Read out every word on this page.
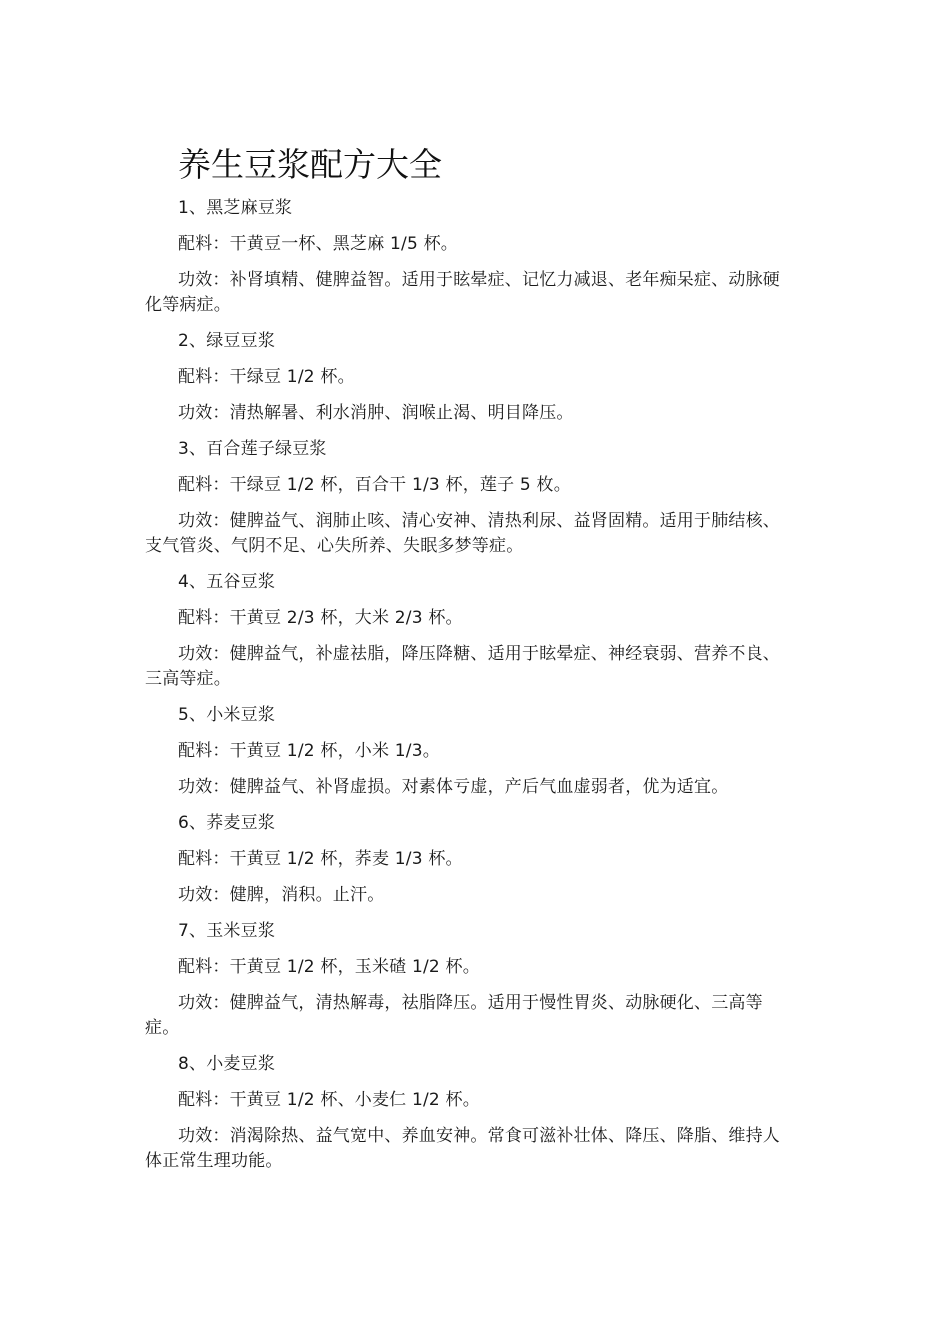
养生豆浆配方大全

1、黑芝麻豆浆

配料：干黄豆一杯、黑芝麻 1/5 杯。

功效：补肾填精、健脾益智。适用于眩晕症、记忆力减退、老年痴呆症、动脉硬化等病症。

2、绿豆豆浆

配料：干绿豆 1/2 杯。

功效：清热解暑、利水消肿、润喉止渴、明目降压。

3、百合莲子绿豆浆

配料：干绿豆 1/2 杯，百合干 1/3 杯，莲子 5 枚。

功效：健脾益气、润肺止咳、清心安神、清热利尿、益肾固精。适用于肺结核、支气管炎、气阴不足、心失所养、失眠多梦等症。

4、五谷豆浆

配料：干黄豆 2/3 杯，大米 2/3 杯。

功效：健脾益气，补虚祛脂，降压降糖、适用于眩晕症、神经衰弱、营养不良、三高等症。

5、小米豆浆

配料：干黄豆 1/2 杯，小米 1/3。

功效：健脾益气、补肾虚损。对素体亏虚，产后气血虚弱者，优为适宜。

6、荞麦豆浆

配料：干黄豆 1/2 杯，荞麦 1/3 杯。

功效：健脾，消积。止汗。

7、玉米豆浆

配料：干黄豆 1/2 杯，玉米碴 1/2 杯。

功效：健脾益气，清热解毒，祛脂降压。适用于慢性胃炎、动脉硬化、三高等症。

8、小麦豆浆

配料：干黄豆 1/2 杯、小麦仁 1/2 杯。

功效：消渴除热、益气宽中、养血安神。常食可滋补壮体、降压、降脂、维持人体正常生理功能。
